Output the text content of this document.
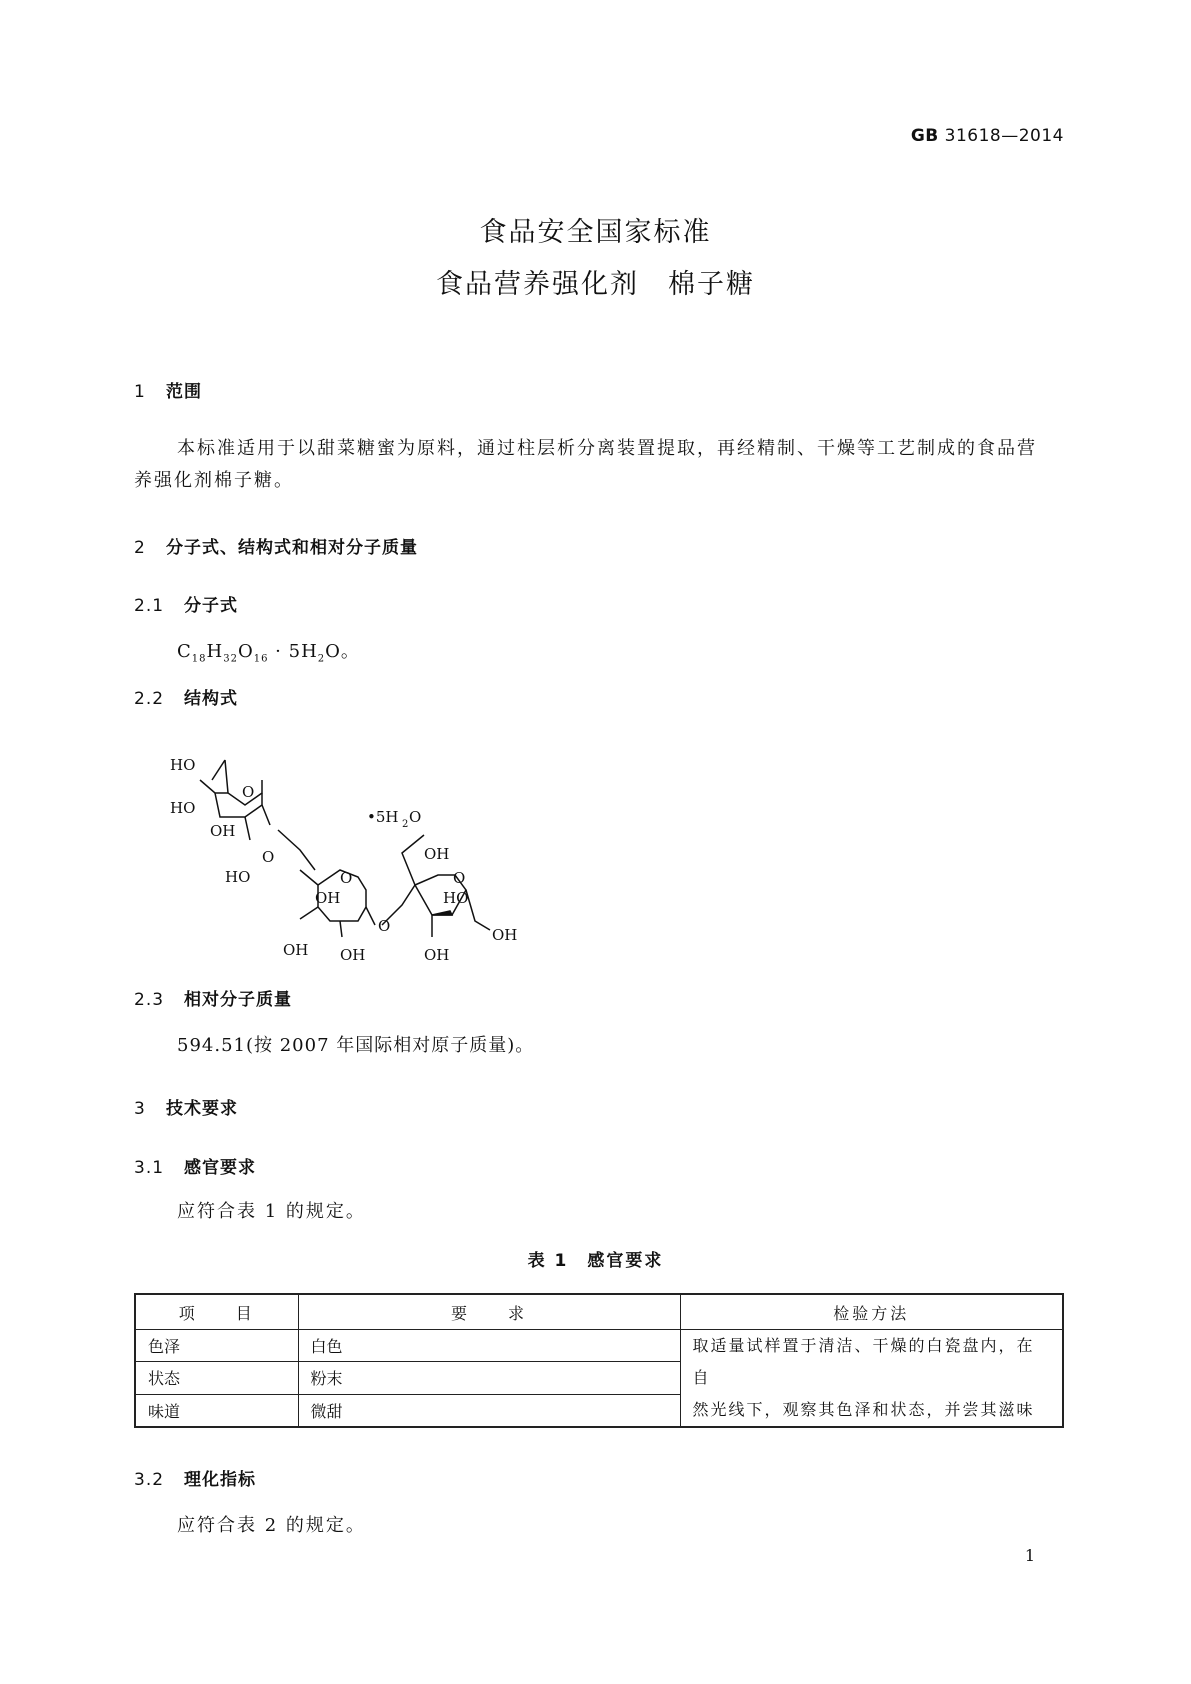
GB 31618—2014
食品安全国家标准
食品营养强化剂　棉子糖
1 范围
本标准适用于以甜菜糖蜜为原料，通过柱层析分离装置提取，再经精制、干燥等工艺制成的食品营
养强化剂棉子糖。
2 分子式、结构式和相对分子质量
2.1 分子式
$C_{18}H_{32}O_{16} \cdot 5H_2O$。
2.2 结构式
HO
HO
O
OH
HO
O
OH
O
OH OH
O
OH
O
HO
OH
OH
•5H 2 O
2.3 相对分子质量
594.51(按 2007 年国际相对原子质量)。
3 技术要求
3.1 感官要求
应符合表 1 的规定。
表 1　感官要求
项　　目	要　　求	检验方法
色泽	白色	取适量试样置于清洁、干燥的白瓷盘内，在自
然光线下，观察其色泽和状态，并尝其滋味

状态	粉末	
味道	微甜	
3.2 理化指标
应符合表 2 的规定。
1
